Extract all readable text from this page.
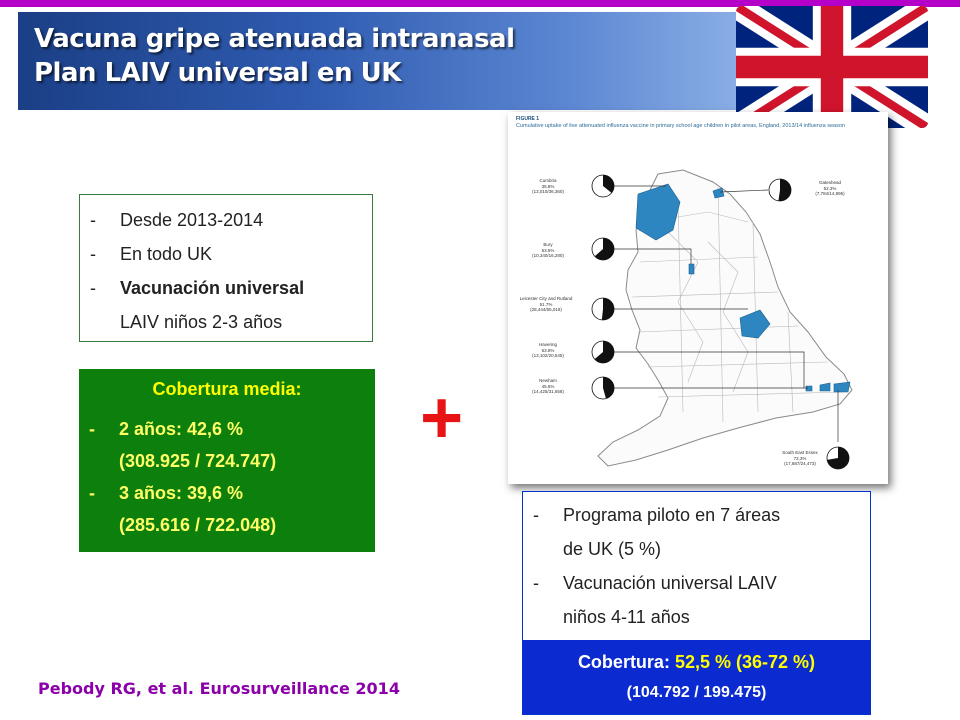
Vacuna gripe atenuada intranasal
Plan LAIV universal en UK
- Desde 2013-2014
- En todo UK
- Vacunación universal
LAIV niños 2-3 años
Cobertura media:
- 2 años: 42,6 %
(308.925 / 724.747)
- 3 años: 39,6 %
(285.616 / 722.048)
+
FIGURE 1
Cumulative uptake of live attenuated influenza vaccine in primary school age children in pilot areas, England, 2013/14 influenza season
Cumbria
35.8%
(13,010/36,360)
Gateshead
52.3%
(7,784/14,895)
Bury
63.5%
(10,340/16,280)
Leicester City and Rutland
51.7%
(28,444/55,019)
Havering
63.8%
(13,102/20,545)
Newham
45.6%
(14,425/31,658)
South East Essex
72.3%
(17,687/24,473)
- Programa piloto en 7 áreas
de UK (5 %)
- Vacunación universal LAIV
niños 4-11 años
Cobertura: 52,5 % (36-72 %)
(104.792 / 199.475)
Pebody RG, et al. Eurosurveillance 2014
